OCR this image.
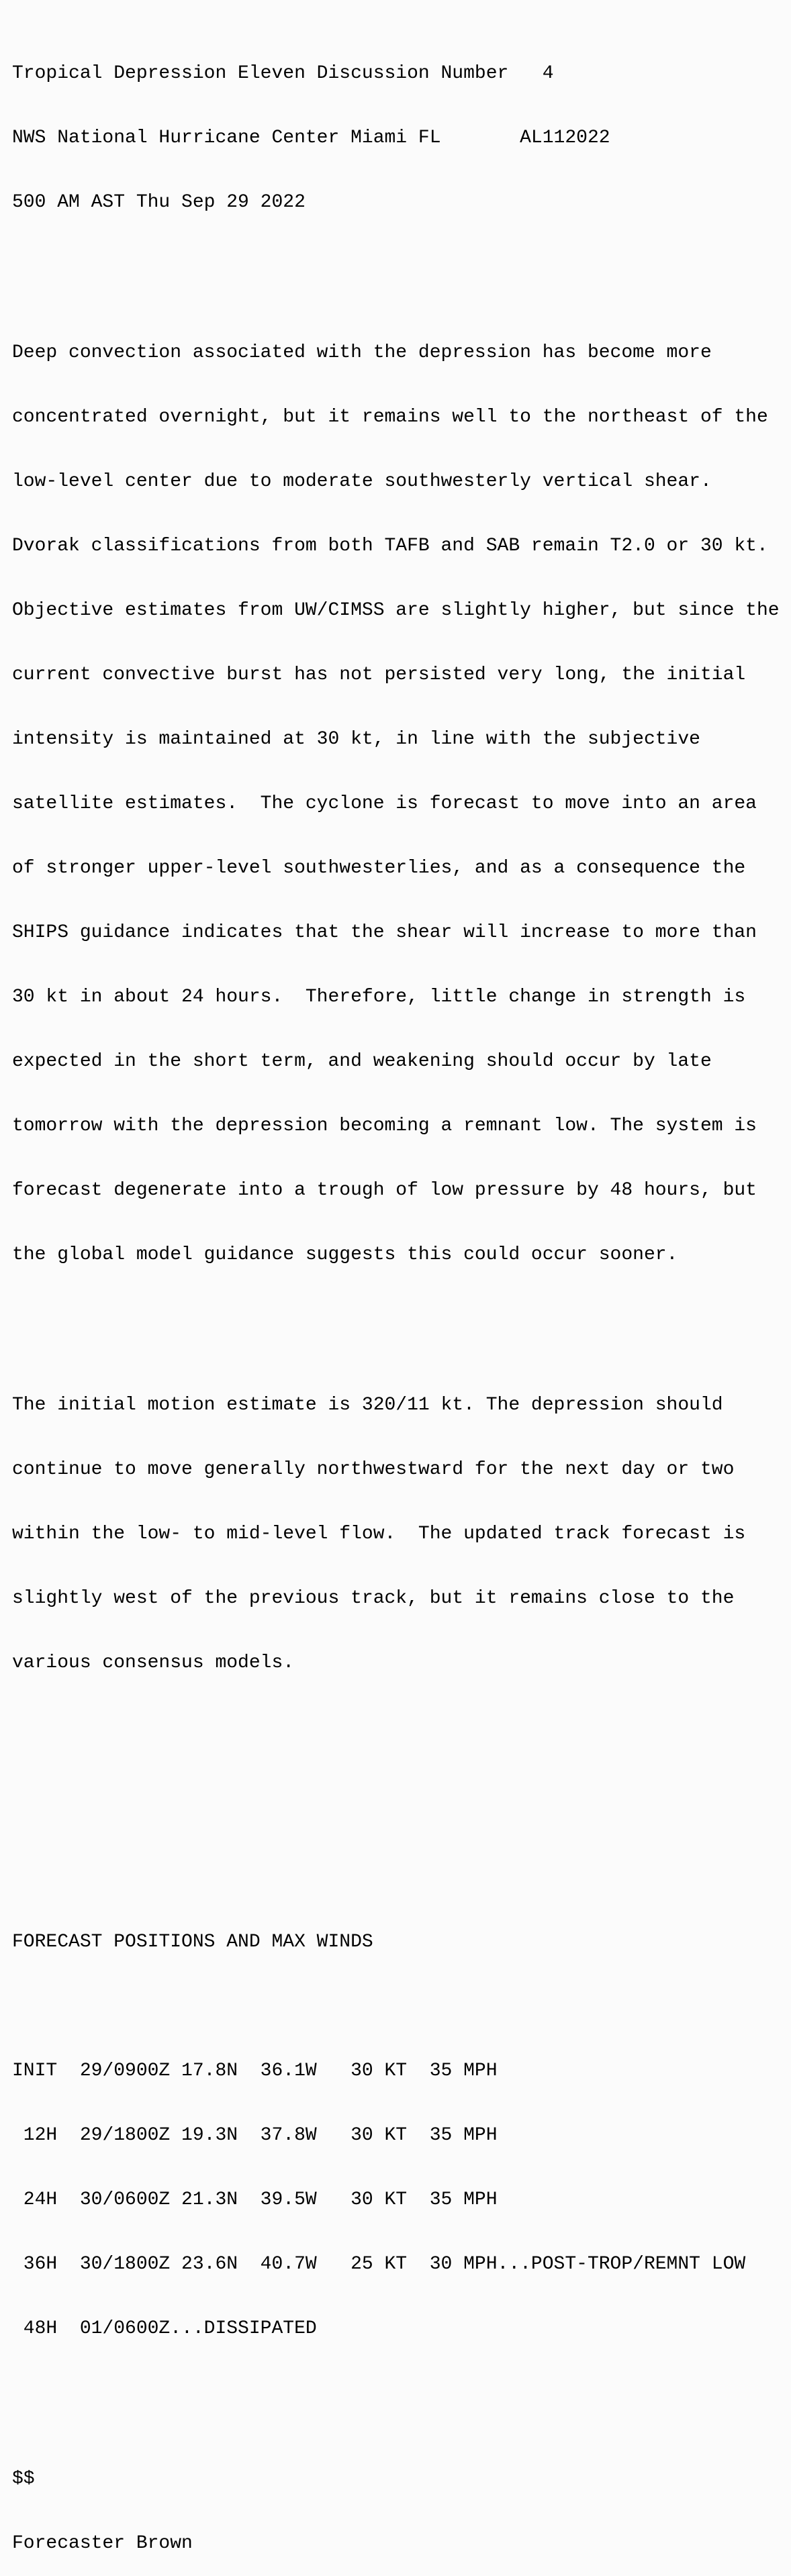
Tropical Depression Eleven Discussion Number   4

NWS National Hurricane Center Miami FL       AL112022

500 AM AST Thu Sep 29 2022

Deep convection associated with the depression has become more

concentrated overnight, but it remains well to the northeast of the

low-level center due to moderate southwesterly vertical shear.

Dvorak classifications from both TAFB and SAB remain T2.0 or 30 kt.

Objective estimates from UW/CIMSS are slightly higher, but since the

current convective burst has not persisted very long, the initial

intensity is maintained at 30 kt, in line with the subjective

satellite estimates.  The cyclone is forecast to move into an area

of stronger upper-level southwesterlies, and as a consequence the

SHIPS guidance indicates that the shear will increase to more than

30 kt in about 24 hours.  Therefore, little change in strength is

expected in the short term, and weakening should occur by late

tomorrow with the depression becoming a remnant low. The system is

forecast degenerate into a trough of low pressure by 48 hours, but

the global model guidance suggests this could occur sooner.

The initial motion estimate is 320/11 kt. The depression should

continue to move generally northwestward for the next day or two

within the low- to mid-level flow.  The updated track forecast is

slightly west of the previous track, but it remains close to the

various consensus models.

FORECAST POSITIONS AND MAX WINDS

INIT  29/0900Z 17.8N  36.1W   30 KT  35 MPH

12H  29/1800Z 19.3N  37.8W   30 KT  35 MPH

24H  30/0600Z 21.3N  39.5W   30 KT  35 MPH

36H  30/1800Z 23.6N  40.7W   25 KT  30 MPH...POST-TROP/REMNT LOW

48H  01/0600Z...DISSIPATED

$$

Forecaster Brown
